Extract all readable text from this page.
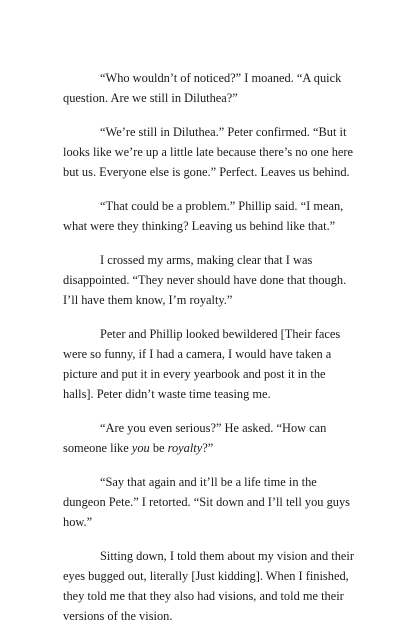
“Who wouldn’t of noticed?” I moaned. “A quick question. Are we still in Diluthea?”

“We’re still in Diluthea.” Peter confirmed. “But it looks like we’re up a little late because there’s no one here but us. Everyone else is gone.” Perfect. Leaves us behind.

“That could be a problem.” Phillip said. “I mean, what were they thinking? Leaving us behind like that.”

I crossed my arms, making clear that I was disappointed. “They never should have done that though. I’ll have them know, I’m royalty.”

Peter and Phillip looked bewildered [Their faces were so funny, if I had a camera, I would have taken a picture and put it in every yearbook and post it in the halls]. Peter didn’t waste time teasing me.

“Are you even serious?” He asked. “How can someone like you be royalty?”

“Say that again and it’ll be a life time in the dungeon Pete.” I retorted. “Sit down and I’ll tell you guys how.”

Sitting down, I told them about my vision and their eyes bugged out, literally [Just kidding]. When I finished, they told me that they also had visions, and told me their versions of the vision.
